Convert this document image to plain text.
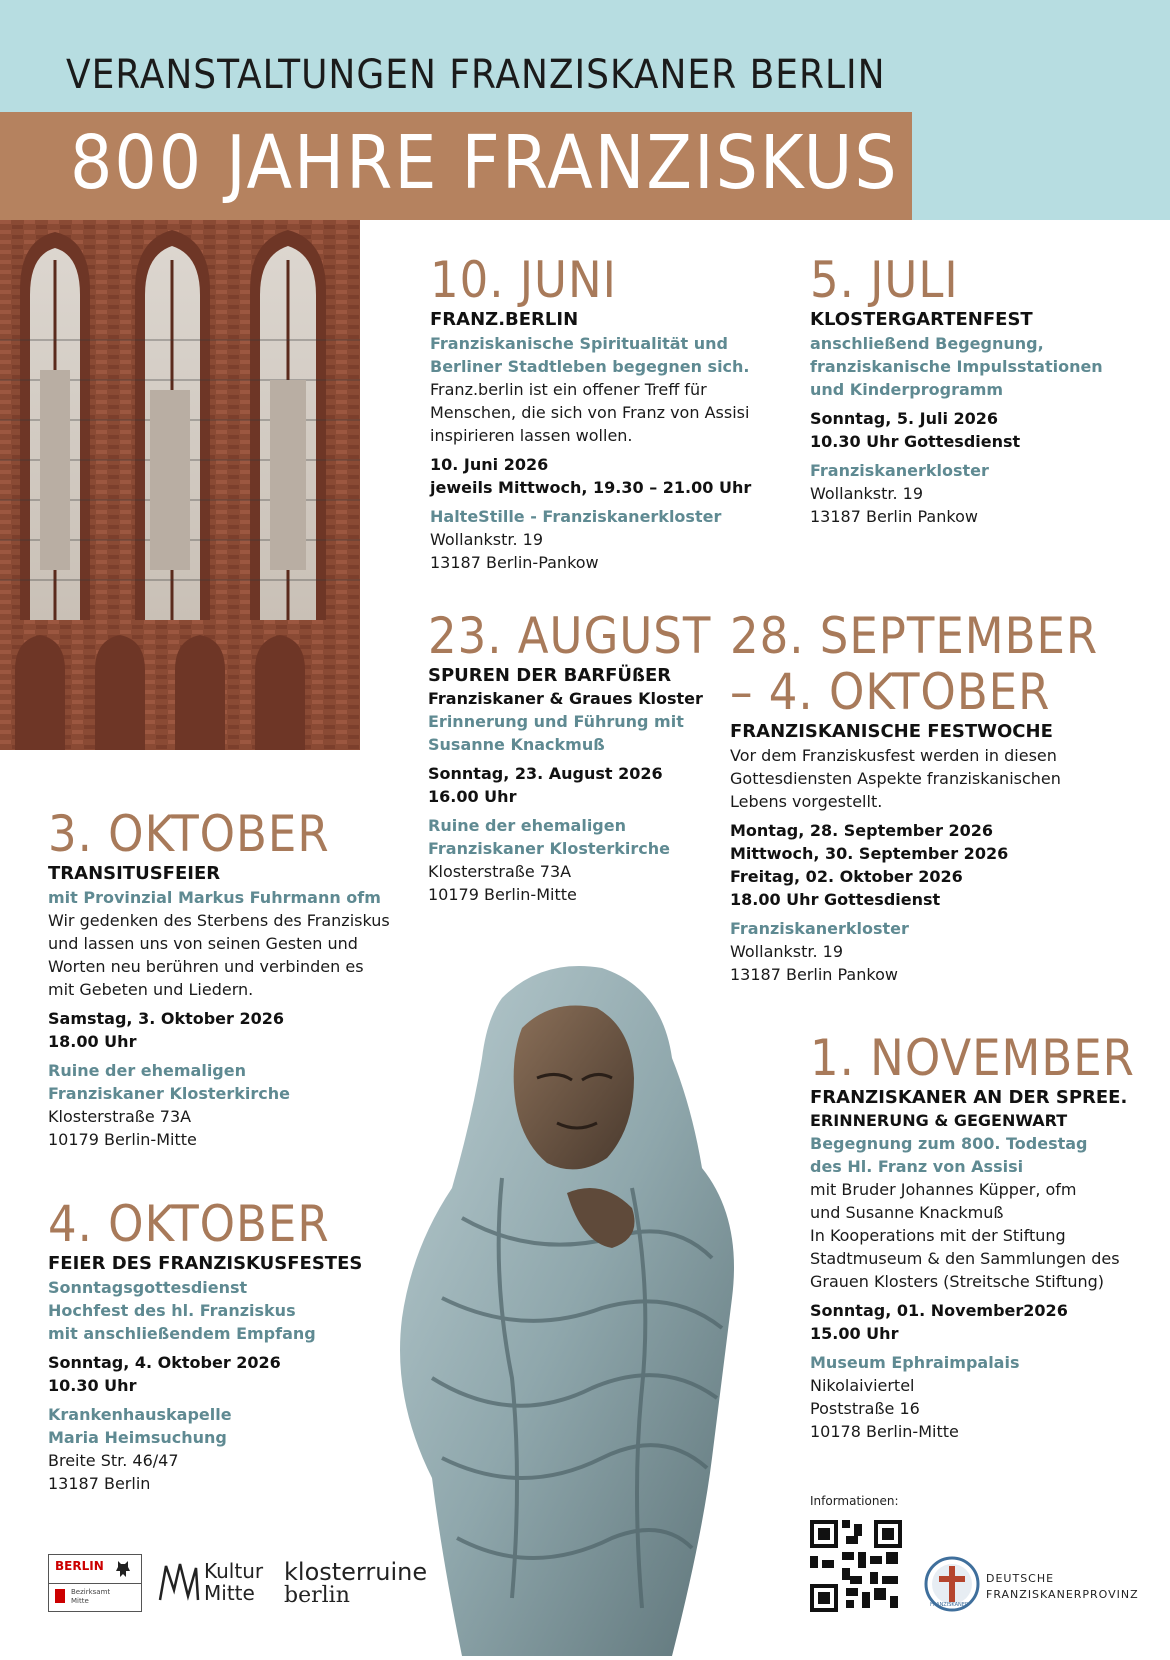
VERANSTALTUNGEN FRANZISKANER BERLIN
800 JAHRE FRANZISKUS
10. JUNI
FRANZ.BERLIN
Franziskanische Spiritualität und
Berliner Stadtleben begegnen sich.
Franz.berlin ist ein offener Treff für
Menschen, die sich von Franz von Assisi
inspirieren lassen wollen.
10. Juni 2026
jeweils Mittwoch, 19.30 – 21.00 Uhr
HalteStille - Franziskanerkloster
Wollankstr. 19
13187 Berlin-Pankow
5. JULI
KLOSTERGARTENFEST
anschließend Begegnung,
franziskanische Impulsstationen
und Kinderprogramm
Sonntag, 5. Juli 2026
10.30 Uhr Gottesdienst
Franziskanerkloster
Wollankstr. 19
13187 Berlin Pankow
23. AUGUST
SPUREN DER BARFÜßER
Franziskaner & Graues Kloster
Erinnerung und Führung mit
Susanne Knackmuß
Sonntag, 23. August 2026
16.00 Uhr
Ruine der ehemaligen
Franziskaner Klosterkirche
Klosterstraße 73A
10179 Berlin-Mitte
28. SEPTEMBER
– 4. OKTOBER
FRANZISKANISCHE FESTWOCHE
Vor dem Franziskusfest werden in diesen
Gottesdiensten Aspekte franziskanischen
Lebens vorgestellt.
Montag, 28. September 2026
Mittwoch, 30. September 2026
Freitag, 02. Oktober 2026
18.00 Uhr Gottesdienst
Franziskanerkloster
Wollankstr. 19
13187 Berlin Pankow
3. OKTOBER
TRANSITUSFEIER
mit Provinzial Markus Fuhrmann ofm
Wir gedenken des Sterbens des Franziskus
und lassen uns von seinen Gesten und
Worten neu berühren und verbinden es
mit Gebeten und Liedern.
Samstag, 3. Oktober 2026
18.00 Uhr
Ruine der ehemaligen
Franziskaner Klosterkirche
Klosterstraße 73A
10179 Berlin-Mitte
4. OKTOBER
FEIER DES FRANZISKUSFESTES
Sonntagsgottesdienst
Hochfest des hl. Franziskus
mit anschließendem Empfang
Sonntag, 4. Oktober 2026
10.30 Uhr
Krankenhauskapelle
Maria Heimsuchung
Breite Str. 46/47
13187 Berlin
1. NOVEMBER
FRANZISKANER AN DER SPREE.
ERINNERUNG & GEGENWART
Begegnung zum 800. Todestag
des Hl. Franz von Assisi
mit Bruder Johannes Küpper, ofm
und Susanne Knackmuß
In Kooperations mit der Stiftung
Stadtmuseum & den Sammlungen des
Grauen Klosters (Streitsche Stiftung)
Sonntag, 01. November2026
15.00 Uhr
Museum Ephraimpalais
Nikolaiviertel
Poststraße 16
10178 Berlin-Mitte
BERLIN
Bezirksamt
Mitte
Kultur
Mitte
klosterruine
berlin
Informationen:
FRANZISKANER
DEUTSCHE
FRANZISKANERPROVINZ
